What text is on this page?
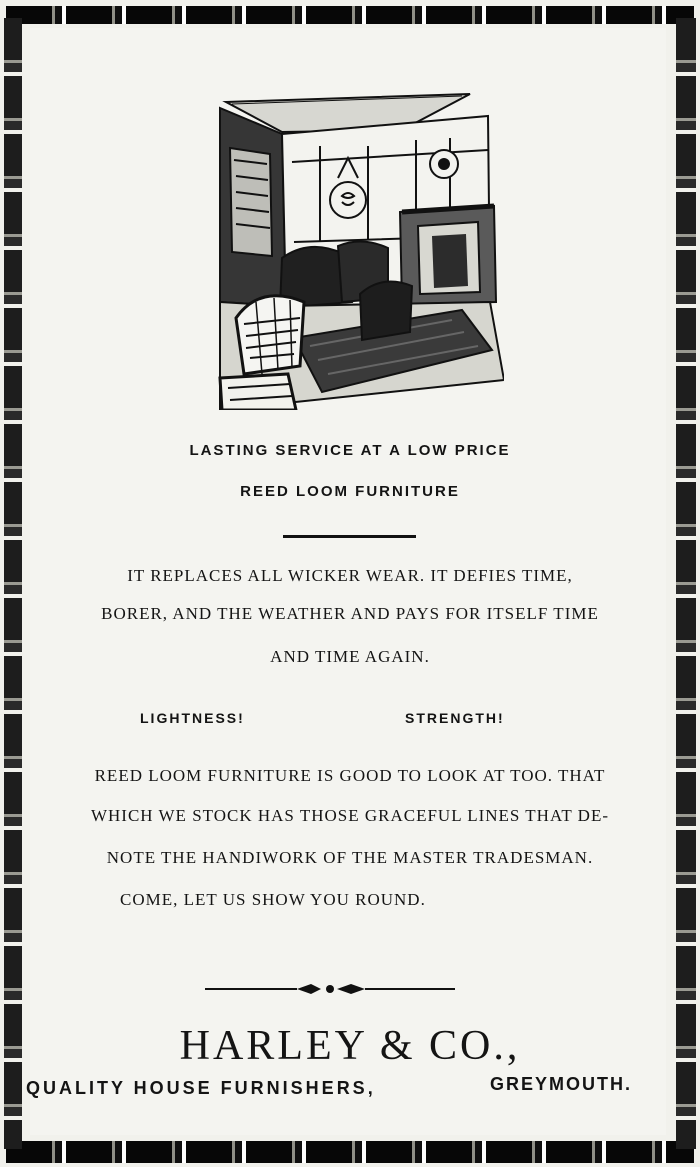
LASTING SERVICE AT A LOW PRICE
REED LOOM FURNITURE
IT REPLACES ALL WICKER WEAR. IT DEFIES TIME,
BORER, AND THE WEATHER AND PAYS FOR ITSELF TIME
AND TIME AGAIN.
LIGHTNESS!	STRENGTH!
REED LOOM FURNITURE IS GOOD TO LOOK AT TOO. THAT
WHICH WE STOCK HAS THOSE GRACEFUL LINES THAT DE-
NOTE THE HANDIWORK OF THE MASTER TRADESMAN.
COME, LET US SHOW YOU ROUND.
HARLEY & CO.,
QUALITY HOUSE FURNISHERS,	GREYMOUTH.
